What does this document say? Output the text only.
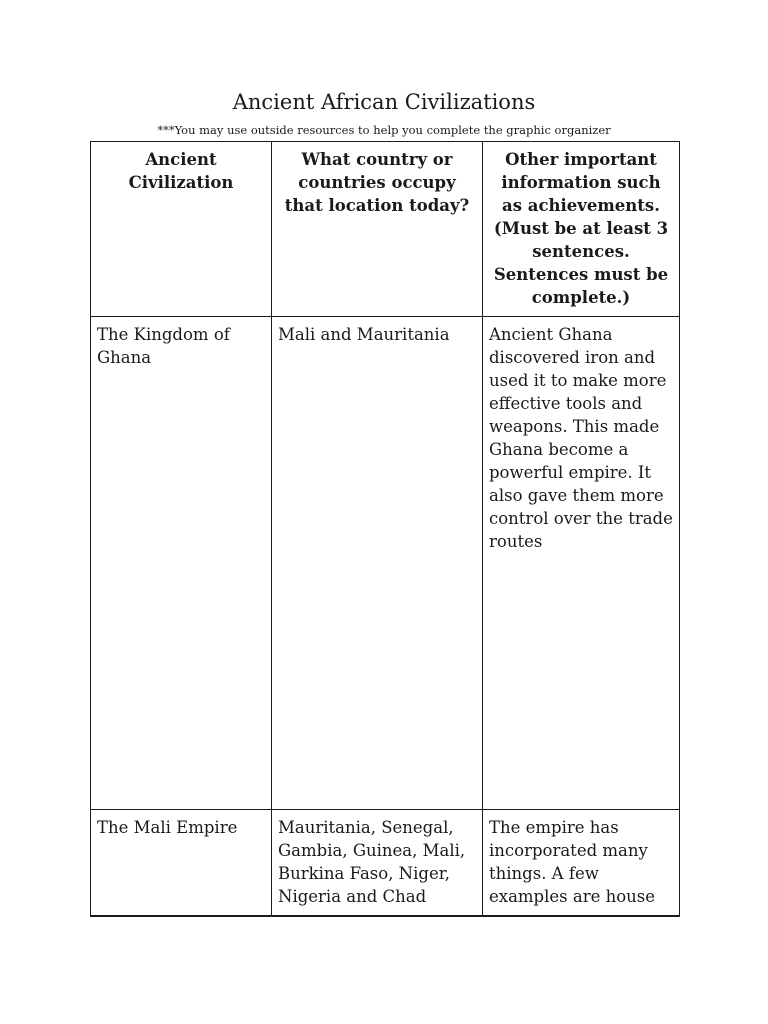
Ancient African Civilizations
***You may use outside resources to help you complete the graphic organizer
Ancient Civilization	What country or countries occupy that location today?	Other important information such as achievements. (Must be at least 3 sentences. Sentences must be complete.)
The Kingdom of Ghana	Mali and Mauritania	Ancient Ghana discovered iron and used it to make more effective tools and weapons. This made Ghana become a powerful empire. It also gave them more control over the trade routes
The Mali Empire	Mauritania, Senegal, Gambia, Guinea, Mali, Burkina Faso, Niger, Nigeria and Chad	The empire has incorporated many things. A few examples are house
